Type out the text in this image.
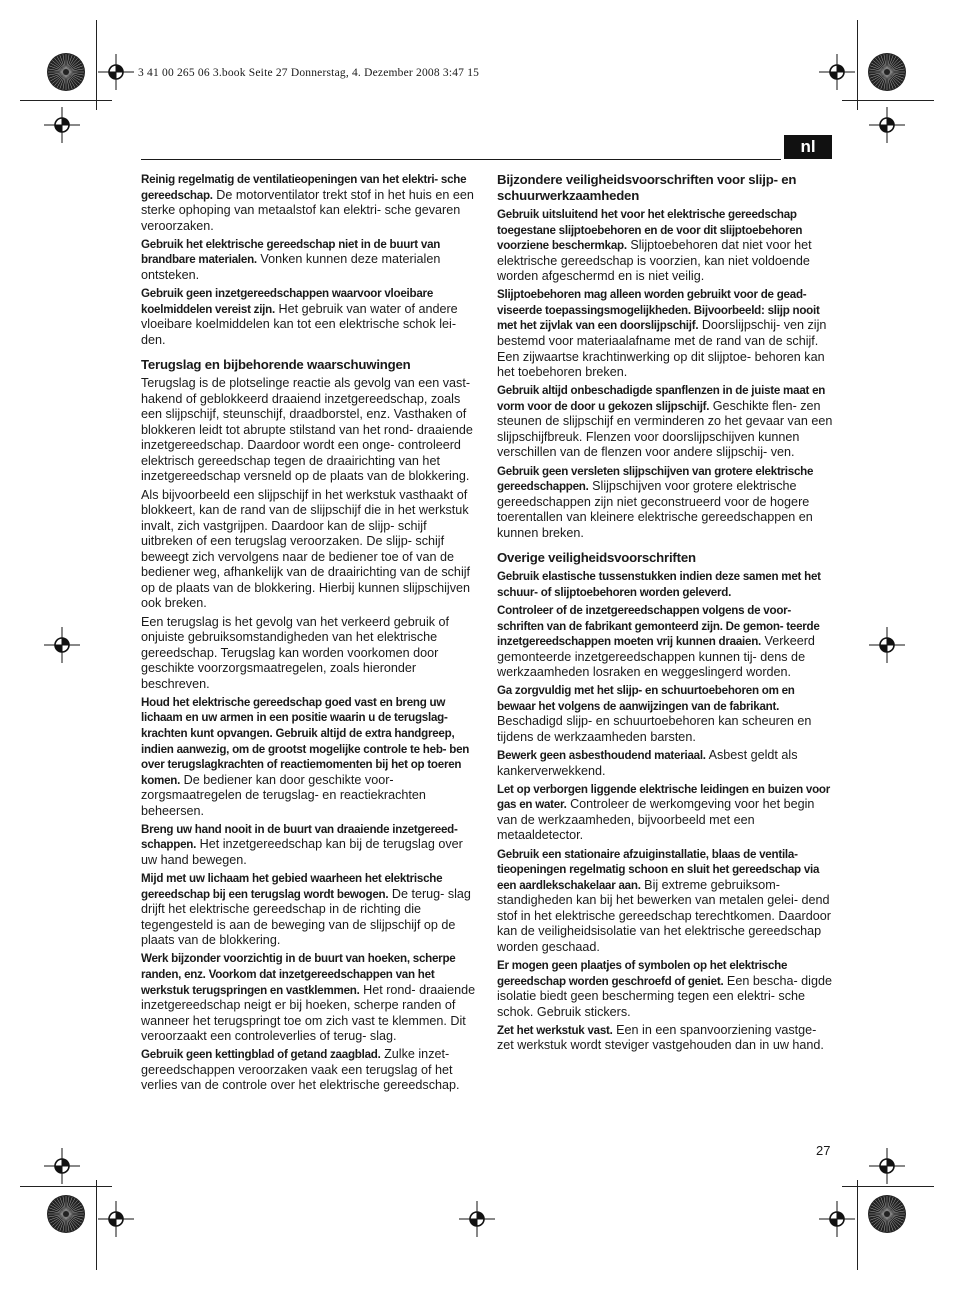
3 41 00 265 06 3.book Seite 27 Donnerstag, 4. Dezember 2008 3:47 15
nl

Reinig regelmatig de ventilatieopeningen van het elektri- sche gereedschap. De motorventilator trekt stof in het huis en een sterke ophoping van metaalstof kan elektri- sche gevaren veroorzaken.

Gebruik het elektrische gereedschap niet in de buurt van brandbare materialen. Vonken kunnen deze materialen ontsteken.

Gebruik geen inzetgereedschappen waarvoor vloeibare koelmiddelen vereist zijn. Het gebruik van water of andere vloeibare koelmiddelen kan tot een elektrische schok lei- den.

Terugslag en bijbehorende waarschuwingen

Terugslag is de plotselinge reactie als gevolg van een vast- hakend of geblokkeerd draaiend inzetgereedschap, zoals een slijpschijf, steunschijf, draadborstel, enz. Vasthaken of blokkeren leidt tot abrupte stilstand van het rond- draaiende inzetgereedschap. Daardoor wordt een onge- controleerd elektrisch gereedschap tegen de draairichting van het inzetgereedschap versneld op de plaats van de blokkering.

Als bijvoorbeeld een slijpschijf in het werkstuk vasthaakt of blokkeert, kan de rand van de slijpschijf die in het werkstuk invalt, zich vastgrijpen. Daardoor kan de slijp- schijf uitbreken of een terugslag veroorzaken. De slijp- schijf beweegt zich vervolgens naar de bediener toe of van de bediener weg, afhankelijk van de draairichting van de schijf op de plaats van de blokkering. Hierbij kunnen slijpschijven ook breken.

Een terugslag is het gevolg van het verkeerd gebruik of onjuiste gebruiksomstandigheden van het elektrische gereedschap. Terugslag kan worden voorkomen door geschikte voorzorgsmaatregelen, zoals hieronder beschreven.

Houd het elektrische gereedschap goed vast en breng uw lichaam en uw armen in een positie waarin u de terugslag- krachten kunt opvangen. Gebruik altijd de extra handgreep, indien aanwezig, om de grootst mogelijke controle te heb- ben over terugslagkrachten of reactiemomenten bij het op toeren komen. De bediener kan door geschikte voor- zorgsmaatregelen de terugslag- en reactiekrachten beheersen.

Breng uw hand nooit in de buurt van draaiende inzetgereed- schappen. Het inzetgereedschap kan bij de terugslag over uw hand bewegen.

Mijd met uw lichaam het gebied waarheen het elektrische gereedschap bij een terugslag wordt bewogen. De terug- slag drijft het elektrische gereedschap in de richting die tegengesteld is aan de beweging van de slijpschijf op de plaats van de blokkering.

Werk bijzonder voorzichtig in de buurt van hoeken, scherpe randen, enz. Voorkom dat inzetgereedschappen van het werkstuk terugspringen en vastklemmen. Het rond- draaiende inzetgereedschap neigt er bij hoeken, scherpe randen of wanneer het terugspringt toe om zich vast te klemmen. Dit veroorzaakt een controleverlies of terug- slag.

Gebruik geen kettingblad of getand zaagblad. Zulke inzet- gereedschappen veroorzaken vaak een terugslag of het verlies van de controle over het elektrische gereedschap.

Bijzondere veiligheidsvoorschriften voor slijp- en schuurwerkzaamheden

Gebruik uitsluitend het voor het elektrische gereedschap toegestane slijptoebehoren en de voor dit slijptoebehoren voorziene beschermkap. Slijptoebehoren dat niet voor het elektrische gereedschap is voorzien, kan niet voldoende worden afgeschermd en is niet veilig.

Slijptoebehoren mag alleen worden gebruikt voor de gead- viseerde toepassingsmogelijkheden. Bijvoorbeeld: slijp nooit met het zijvlak van een doorslijpschijf. Doorslijpschij- ven zijn bestemd voor materiaalafname met de rand van de schijf. Een zijwaartse krachtinwerking op dit slijptoe- behoren kan het toebehoren breken.

Gebruik altijd onbeschadigde spanflenzen in de juiste maat en vorm voor de door u gekozen slijpschijf. Geschikte flen- zen steunen de slijpschijf en verminderen zo het gevaar van een slijpschijfbreuk. Flenzen voor doorslijpschijven kunnen verschillen van de flenzen voor andere slijpschij- ven.

Gebruik geen versleten slijpschijven van grotere elektrische gereedschappen. Slijpschijven voor grotere elektrische gereedschappen zijn niet geconstrueerd voor de hogere toerentallen van kleinere elektrische gereedschappen en kunnen breken.

Overige veiligheidsvoorschriften

Gebruik elastische tussenstukken indien deze samen met het schuur- of slijptoebehoren worden geleverd.

Controleer of de inzetgereedschappen volgens de voor- schriften van de fabrikant gemonteerd zijn. De gemon- teerde inzetgereedschappen moeten vrij kunnen draaien. Verkeerd gemonteerde inzetgereedschappen kunnen tij- dens de werkzaamheden losraken en weggeslingerd worden.

Ga zorgvuldig met het slijp- en schuurtoebehoren om en bewaar het volgens de aanwijzingen van de fabrikant. Beschadigd slijp- en schuurtoebehoren kan scheuren en tijdens de werkzaamheden barsten.

Bewerk geen asbesthoudend materiaal. Asbest geldt als kankerverwekkend.

Let op verborgen liggende elektrische leidingen en buizen voor gas en water. Controleer de werkomgeving voor het begin van de werkzaamheden, bijvoorbeeld met een metaaldetector.

Gebruik een stationaire afzuiginstallatie, blaas de ventila- tieopeningen regelmatig schoon en sluit het gereedschap via een aardlekschakelaar aan. Bij extreme gebruiksom- standigheden kan bij het bewerken van metalen gelei- dend stof in het elektrische gereedschap terechtkomen. Daardoor kan de veiligheidsisolatie van het elektrische gereedschap worden geschaad.

Er mogen geen plaatjes of symbolen op het elektrische gereedschap worden geschroefd of geniet. Een bescha- digde isolatie biedt geen bescherming tegen een elektri- sche schok. Gebruik stickers.

Zet het werkstuk vast. Een in een spanvoorziening vastge- zet werkstuk wordt steviger vastgehouden dan in uw hand.

27
